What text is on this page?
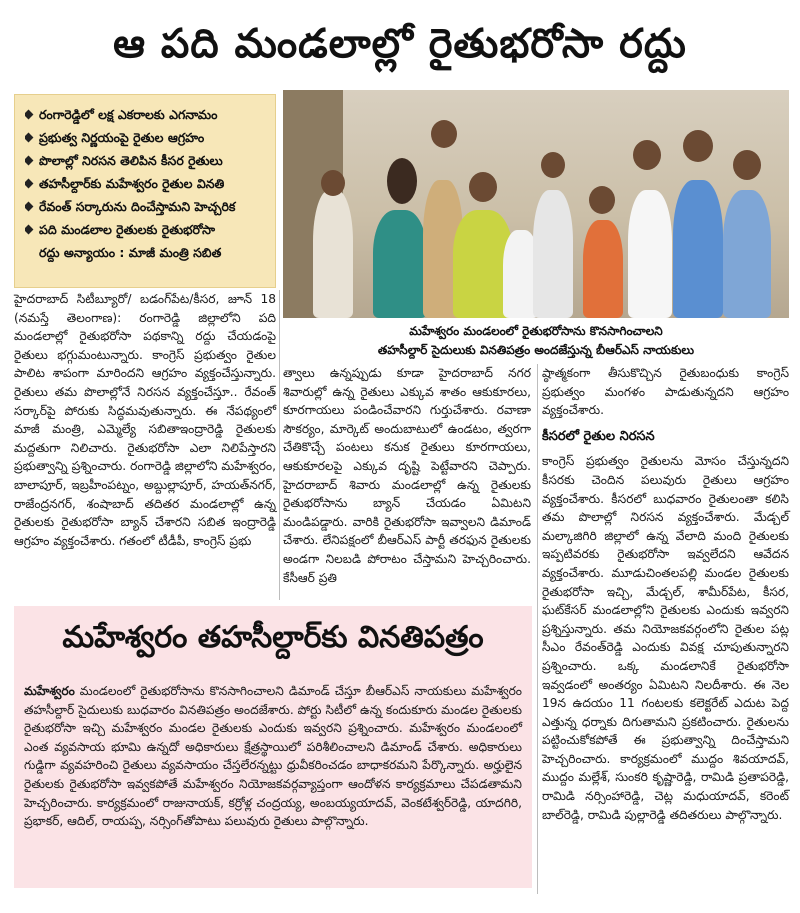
ఆ పది మండలాల్లో రైతుభరోసా రద్దు
రంగారెడ్డిలో లక్ష ఎకరాలకు ఎగనామం
ప్రభుత్వ నిర్ణయంపై రైతుల ఆగ్రహం
పొలాల్లో నిరసన తెలిపిన కీసర రైతులు
తహసీల్దార్‌కు మహేశ్వరం రైతుల వినతి
రేవంత్ సర్కారును దించేస్తామని హెచ్చరిక
పది మండలాల రైతులకు రైతుభరోసా
రద్దు అన్యాయం : మాజీ మంత్రి సబిత
మహేశ్వరం మండలంలో రైతుభరోసాను కొనసాగించాలని
తహసీల్దార్ సైదులుకు వినతిపత్రం అందజేస్తున్న బీఆర్ఎస్ నాయకులు

హైదరాబాద్ సిటీబ్యూరో/ బడంగ్‌పేట/కీసర, జూన్ 18 (నమస్తే తెలంగాణ): రంగారెడ్డి జిల్లాలోని పది మండలాల్లో రైతుభరోసా పథకాన్ని రద్దు చేయడంపై రైతులు భగ్గుమంటున్నారు. కాంగ్రెస్ ప్రభుత్వం రైతుల పాలిట శాపంగా మారిందని ఆగ్రహం వ్యక్తంచేస్తున్నారు. రైతులు తమ పొలాల్లోనే నిరసన వ్యక్తంచేస్తూ.. రేవంత్ సర్కార్‌పై పోరుకు సిద్ధమవుతున్నారు. ఈ నేపథ్యంలో మాజీ మంత్రి, ఎమ్మెల్యే సబితాఇంద్రారెడ్డి రైతులకు మద్దతుగా నిలిచారు. రైతుభరోసా ఎలా నిలిపేస్తారని ప్రభుత్వాన్ని ప్రశ్నించారు. రంగారెడ్డి జిల్లాలోని మహేశ్వరం, బాలాపూర్, ఇబ్రహీంపట్నం, అబ్దుల్లాపూర్, హయత్‌నగర్, రాజేంద్రనగర్, శంషాబాద్ తదితర మండలాల్లో ఉన్న రైతులకు రైతుభరోసా బ్యాన్ చేశారని సబిత ఇంద్రారెడ్డి ఆగ్రహం వ్యక్తంచేశారు. గతంలో టీడీపీ, కాంగ్రెస్ ప్రభు

త్వాలు ఉన్నప్పుడు కూడా హైదరాబాద్ నగర శివారుల్లో ఉన్న రైతులు ఎక్కువ శాతం ఆకుకూరలు, కూరగాయలు పండించేవారని గుర్తుచేశారు. రవాణా సౌకర్యం, మార్కెట్ అందుబాటులో ఉండటం, త్వరగా చేతికొచ్చే పంటలు కనుక రైతులు కూరగాయలు, ఆకుకూరలపై ఎక్కువ దృష్టి పెట్టేవారని చెప్పారు. హైదరాబాద్ శివారు మండలాల్లో ఉన్న రైతులకు రైతుభరోసాను బ్యాన్ చేయడం ఏమిటని మండిపడ్డారు. వారికి రైతుభరోసా ఇవ్వాలని డిమాండ్ చేశారు. లేనిపక్షంలో బీఆర్ఎస్ పార్టీ తరఫున రైతులకు అండగా నిలబడి పోరాటం చేస్తామని హెచ్చరించారు. కేసీఆర్ ప్రతి

ష్ఠాత్మకంగా తీసుకొచ్చిన రైతుబంధుకు కాంగ్రెస్ ప్రభుత్వం మంగళం పాడుతున్నదని ఆగ్రహం వ్యక్తంచేశారు.

కీసరలో రైతుల నిరసన

కాంగ్రెస్ ప్రభుత్వం రైతులను మోసం చేస్తున్నదని కీసరకు చెందిన పలువురు రైతులు ఆగ్రహం వ్యక్తంచేశారు. కీసరలో బుధవారం రైతులంతా కలిసి తమ పొలాల్లో నిరసన వ్యక్తంచేశారు. మేడ్చల్ మల్కాజిగిరి జిల్లాలో ఉన్న వేలాది మంది రైతులకు ఇప్పటివరకు రైతుభరోసా ఇవ్వలేదని ఆవేదన వ్యక్తంచేశారు. మూడుచింతలపల్లి మండల రైతులకు రైతుభరోసా ఇచ్చి, మేడ్చల్, శామీర్‌పేట, కీసర, ఘట్‌కేసర్ మండలాల్లోని రైతులకు ఎందుకు ఇవ్వరని ప్రశ్నిస్తున్నారు. తమ నియోజకవర్గంలోని రైతుల పట్ల సీఎం రేవంత్‌రెడ్డి ఎందుకు వివక్ష చూపుతున్నారని ప్రశ్నించారు. ఒక్క మండలానికే రైతుభరోసా ఇవ్వడంలో అంతర్యం ఏమిటని నిలదీశారు. ఈ నెల 19న ఉదయం 11 గంటలకు కలెక్టరేట్ ఎదుట పెద్ద ఎత్తున్న ధర్నాకు దిగుతామని ప్రకటించారు. రైతులను పట్టించుకోకపోతే ఈ ప్రభుత్వాన్ని దించేస్తామని హెచ్చరించారు. కార్యక్రమంలో ముద్దం శివయాదవ్, ముద్దం మల్లేశ్, సుంకరి కృష్ణారెడ్డి, రామిడి ప్రతాపరెడ్డి, రామిడి నర్సింహారెడ్డి, చెట్ల మధుయాదవ్, కరెంట్ బాల్‌రెడ్డి, రామిడి పుల్లారెడ్డి తదితరులు పాల్గొన్నారు.

మహేశ్వరం తహసీల్దార్‌కు వినతిపత్రం
మహేశ్వరం మండలంలో రైతుభరోసాను కొనసాగించాలని డిమాండ్ చేస్తూ బీఆర్ఎస్ నాయకులు మహేశ్వరం తహసీల్దార్ సైదులుకు బుధవారం వినతిపత్రం అందజేశారు. పోర్టు సిటీలో ఉన్న కందుకూరు మండల రైతులకు రైతుభరోసా ఇచ్చి మహేశ్వరం మండల రైతులకు ఎందుకు ఇవ్వరని ప్రశ్నించారు. మహేశ్వరం మండలంలో ఎంత వ్యవసాయ భూమి ఉన్నదో అధికారులు క్షేత్రస్థాయిలో పరిశీలించాలని డిమాండ్ చేశారు. అధికారులు గుడ్డిగా వ్యవహరించి రైతులు వ్యవసాయం చేస్తలేరన్నట్టు ధ్రువీకరించడం బాధాకరమని పేర్కొన్నారు. అర్హులైన రైతులకు రైతుభరోసా ఇవ్వకపోతే మహేశ్వరం నియోజకవర్గవ్యాప్తంగా ఆందోళన కార్యక్రమాలు చేపడతామని హెచ్చరించారు. కార్యక్రమంలో రాజునాయక్, కర్రోళ్ల చంద్రయ్య, అంబయ్యయాదవ్, వెంకటేశ్వర్‌రెడ్డి, యాదగిరి, ప్రభాకర్, ఆదిల్, రాయప్ప, నర్సింగ్‌తోపాటు పలువురు రైతులు పాల్గొన్నారు.
